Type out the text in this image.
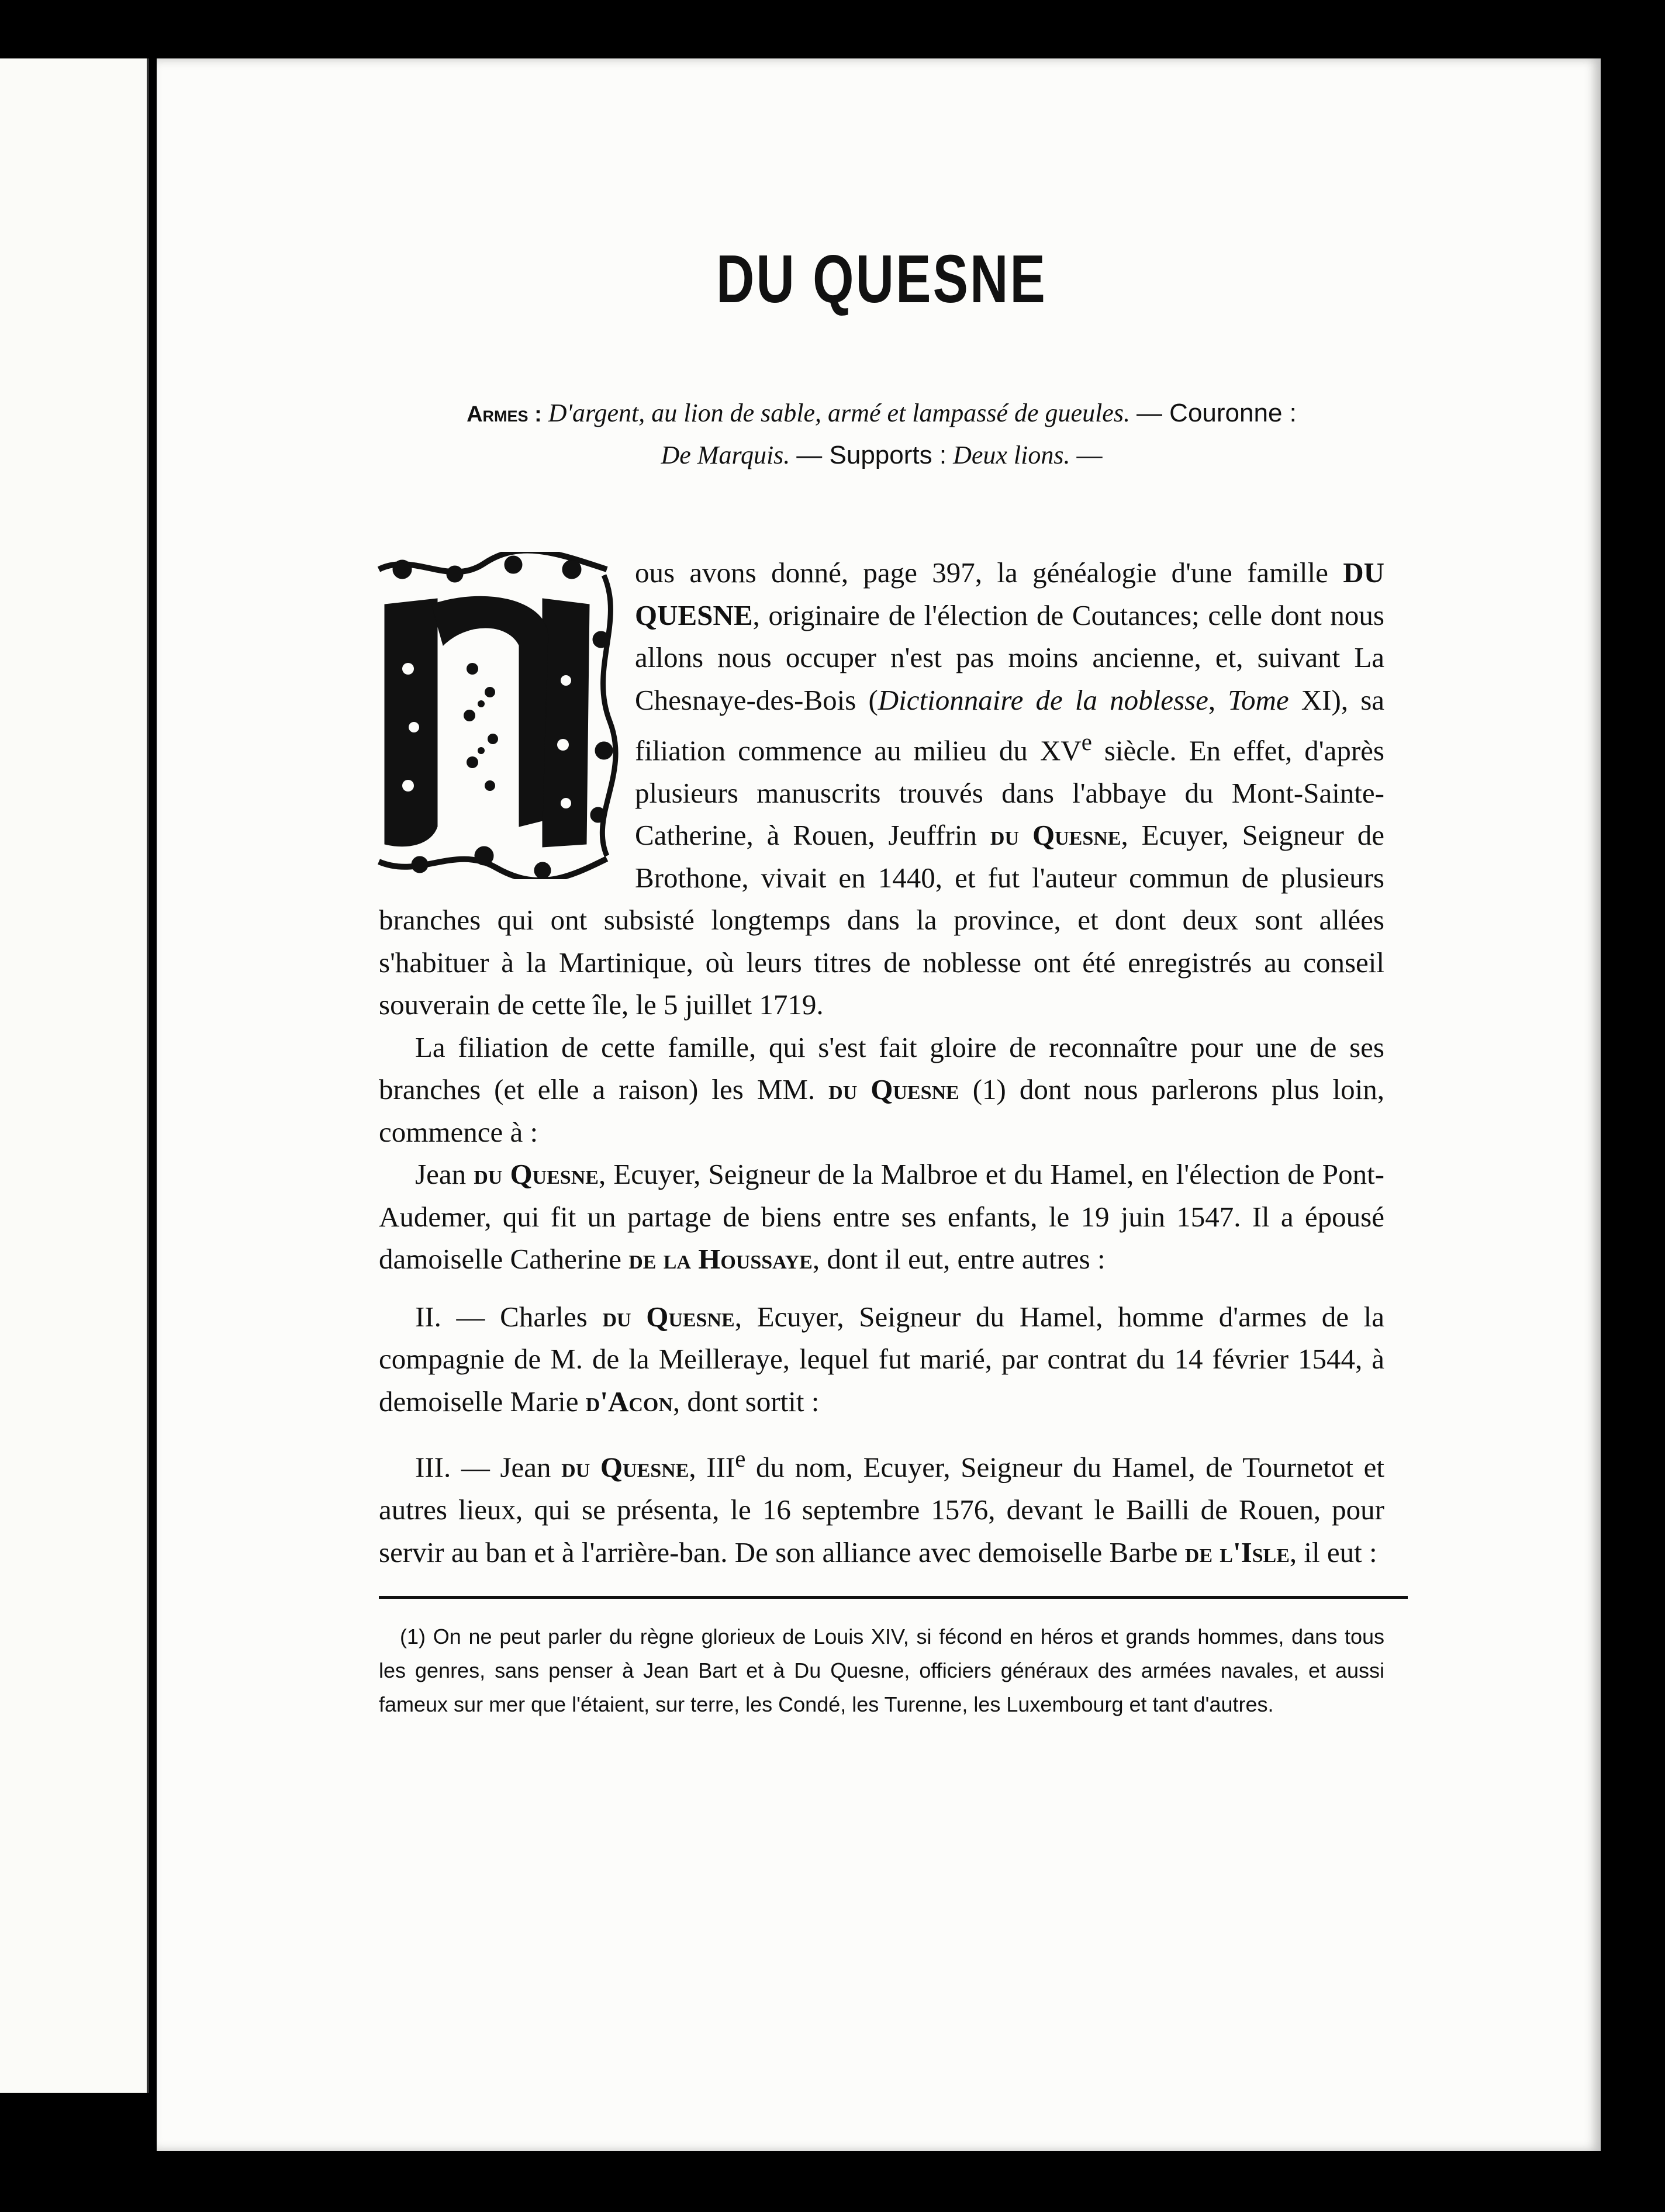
DU QUESNE
Armes : D'argent, au lion de sable, armé et lampassé de gueules. — Couronne :
De Marquis. — Supports : Deux lions. —

ous avons donné, page 397, la généalogie d'une famille DU QUESNE, originaire de l'élection de Coutances; celle dont nous allons nous occuper n'est pas moins ancienne, et, suivant La Chesnaye-des-Bois (Dictionnaire de la noblesse, Tome XI), sa filiation commence au milieu du XVe siècle. En effet, d'après plusieurs manuscrits trouvés dans l'abbaye du Mont-Sainte-Catherine, à Rouen, Jeuffrin du Quesne, Ecuyer, Seigneur de Brothone, vivait en 1440, et fut l'auteur commun de plusieurs branches qui ont subsisté longtemps dans la province, et dont deux sont allées s'habituer à la Martinique, où leurs titres de noblesse ont été enregistrés au conseil souverain de cette île, le 5 juillet 1719.

La filiation de cette famille, qui s'est fait gloire de reconnaître pour une de ses branches (et elle a raison) les MM. du Quesne (1) dont nous parlerons plus loin, commence à :

Jean du Quesne, Ecuyer, Seigneur de la Malbroe et du Hamel, en l'élection de Pont-Audemer, qui fit un partage de biens entre ses enfants, le 19 juin 1547. Il a épousé damoiselle Catherine de la Houssaye, dont il eut, entre autres :

II. — Charles du Quesne, Ecuyer, Seigneur du Hamel, homme d'armes de la compagnie de M. de la Meilleraye, lequel fut marié, par contrat du 14 février 1544, à demoiselle Marie d'Acon, dont sortit :

III. — Jean du Quesne, IIIe du nom, Ecuyer, Seigneur du Hamel, de Tournetot et autres lieux, qui se présenta, le 16 septembre 1576, devant le Bailli de Rouen, pour servir au ban et à l'arrière-ban. De son alliance avec demoiselle Barbe de l'Isle, il eut :

(1) On ne peut parler du règne glorieux de Louis XIV, si fécond en héros et grands hommes, dans tous les genres, sans penser à Jean Bart et à Du Quesne, officiers généraux des armées navales, et aussi fameux sur mer que l'étaient, sur terre, les Condé, les Turenne, les Luxembourg et tant d'autres.
